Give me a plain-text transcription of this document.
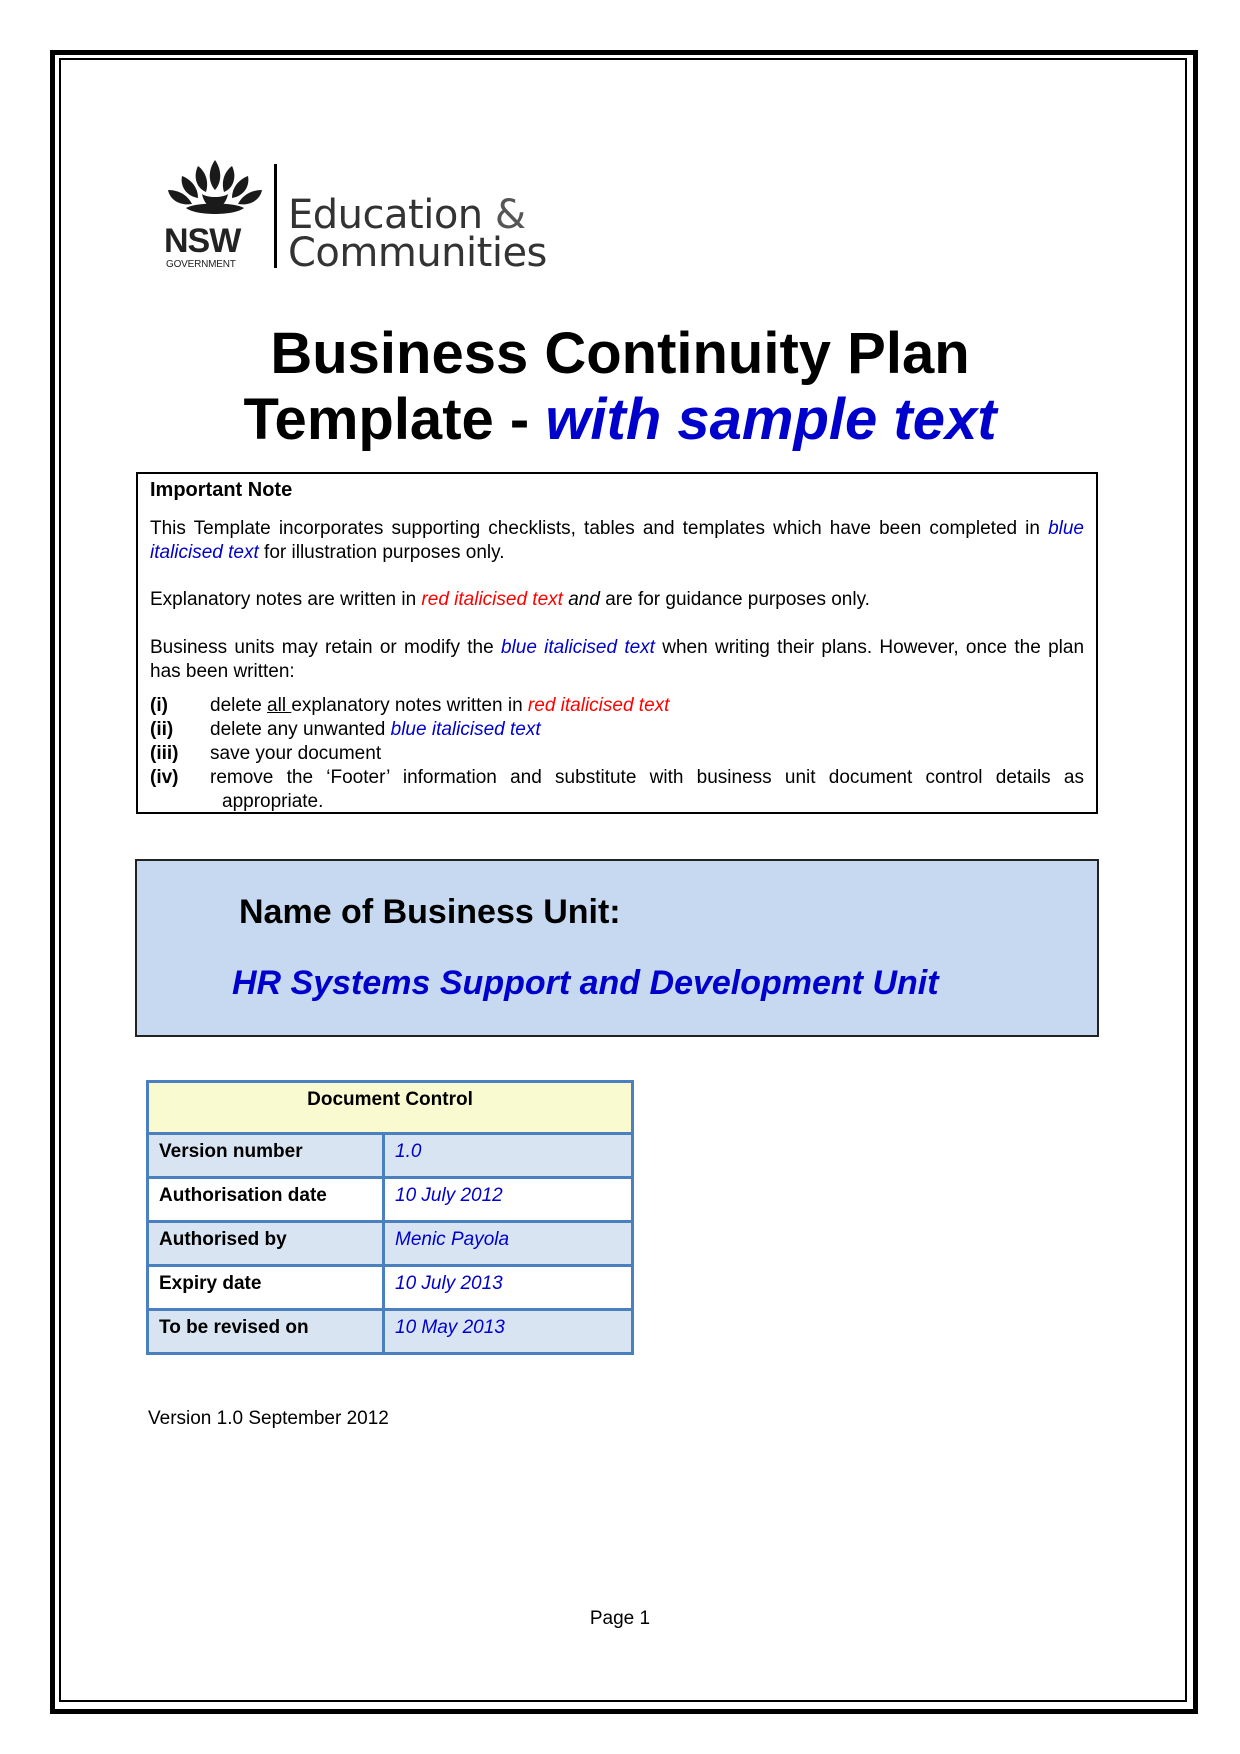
NSW
GOVERNMENT
Education &
Communities
Business Continuity Plan
Template - with sample text
Important Note

This Template incorporates supporting checklists, tables and templates which have been completed in blue italicised text for illustration purposes only.

Explanatory notes are written in red italicised text and are for guidance purposes only.

Business units may retain or modify the blue italicised text when writing their plans. However, once the plan has been written:

(i) delete all explanatory notes written in red italicised text
(ii) delete any unwanted blue italicised text
(iii) save your document
(iv) remove the ‘Footer’ information and substitute with business unit document control details as
appropriate.
Name of Business Unit:
HR Systems Support and Development Unit
Document Control	
Version number	1.0
Authorisation date	10 July 2012
Authorised by	Menic Payola
Expiry date	10 July 2013
To be revised on	10 May 2013
Version 1.0 September 2012
Page 1
